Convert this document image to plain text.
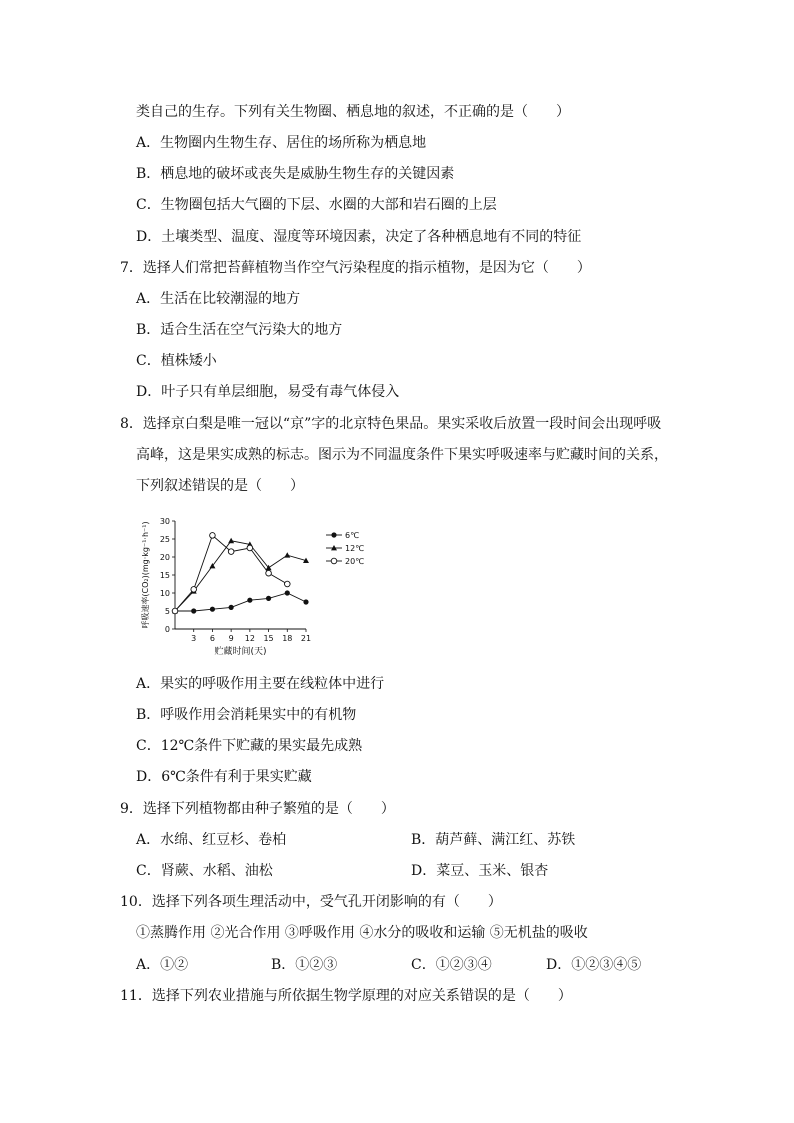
类自己的生存。下列有关生物圈、栖息地的叙述，不正确的是（　　）
A．生物圈内生物生存、居住的场所称为栖息地
B．栖息地的破坏或丧失是威胁生物生存的关键因素
C．生物圈包括大气圈的下层、水圈的大部和岩石圈的上层
D．土壤类型、温度、湿度等环境因素，决定了各种栖息地有不同的特征
7．选择人们常把苔藓植物当作空气污染程度的指示植物，是因为它（　　）
A．生活在比较潮湿的地方
B．适合生活在空气污染大的地方
C．植株矮小
D．叶子只有单层细胞，易受有毒气体侵入
8．选择京白梨是唯一冠以“京”字的北京特色果品。果实采收后放置一段时间会出现呼吸
高峰，这是果实成熟的标志。图示为不同温度条件下果实呼吸速率与贮藏时间的关系，
下列叙述错误的是（　　）
0
5
10
15
20
25
30
3 6 9 12 15 18 21
贮藏时间(天)
呼吸速率(CO₂)(mg·kg⁻¹·h⁻¹)	6℃
12℃
20℃
A．果实的呼吸作用主要在线粒体中进行
B．呼吸作用会消耗果实中的有机物
C．12℃条件下贮藏的果实最先成熟
D．6℃条件有利于果实贮藏
9．选择下列植物都由种子繁殖的是（　　）
A．水绵、红豆杉、卷柏	B．葫芦藓、满江红、苏铁
C．肾蕨、水稻、油松	D．菜豆、玉米、银杏
10．选择下列各项生理活动中，受气孔开闭影响的有（　　）
①蒸腾作用 ②光合作用 ③呼吸作用 ④水分的吸收和运输 ⑤无机盐的吸收
A．①②	B．①②③	C．①②③④	D．①②③④⑤
11．选择下列农业措施与所依据生物学原理的对应关系错误的是（　　）
